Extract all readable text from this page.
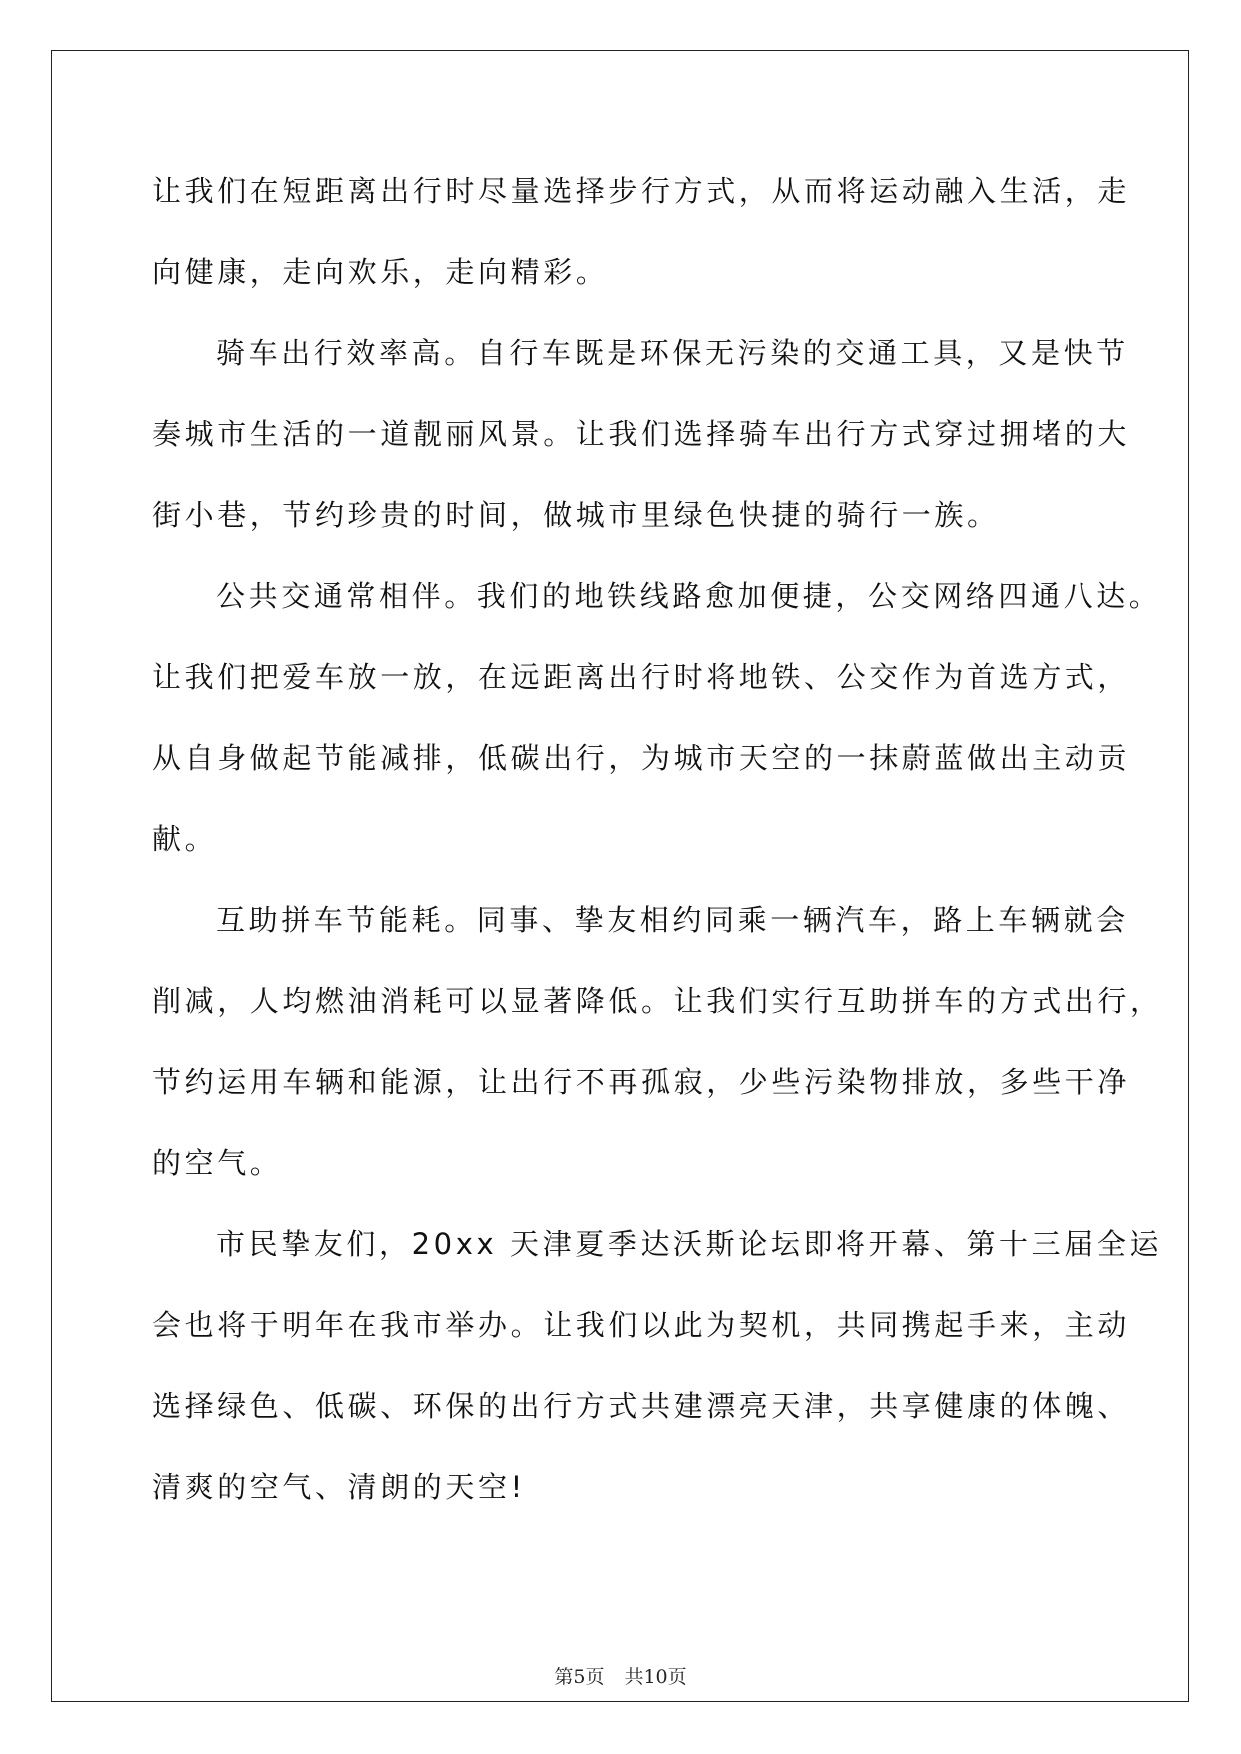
让我们在短距离出行时尽量选择步行方式，从而将运动融入生活，走
向健康，走向欢乐，走向精彩。
骑车出行效率高。自行车既是环保无污染的交通工具，又是快节
奏城市生活的一道靓丽风景。让我们选择骑车出行方式穿过拥堵的大
街小巷，节约珍贵的时间，做城市里绿色快捷的骑行一族。
公共交通常相伴。我们的地铁线路愈加便捷，公交网络四通八达。
让我们把爱车放一放，在远距离出行时将地铁、公交作为首选方式，
从自身做起节能减排，低碳出行，为城市天空的一抹蔚蓝做出主动贡
献。
互助拼车节能耗。同事、挚友相约同乘一辆汽车，路上车辆就会
削减，人均燃油消耗可以显著降低。让我们实行互助拼车的方式出行，
节约运用车辆和能源，让出行不再孤寂，少些污染物排放，多些干净
的空气。
市民挚友们，20xx 天津夏季达沃斯论坛即将开幕、第十三届全运
会也将于明年在我市举办。让我们以此为契机，共同携起手来，主动
选择绿色、低碳、环保的出行方式共建漂亮天津，共享健康的体魄、
清爽的空气、清朗的天空!
第5页 共10页
